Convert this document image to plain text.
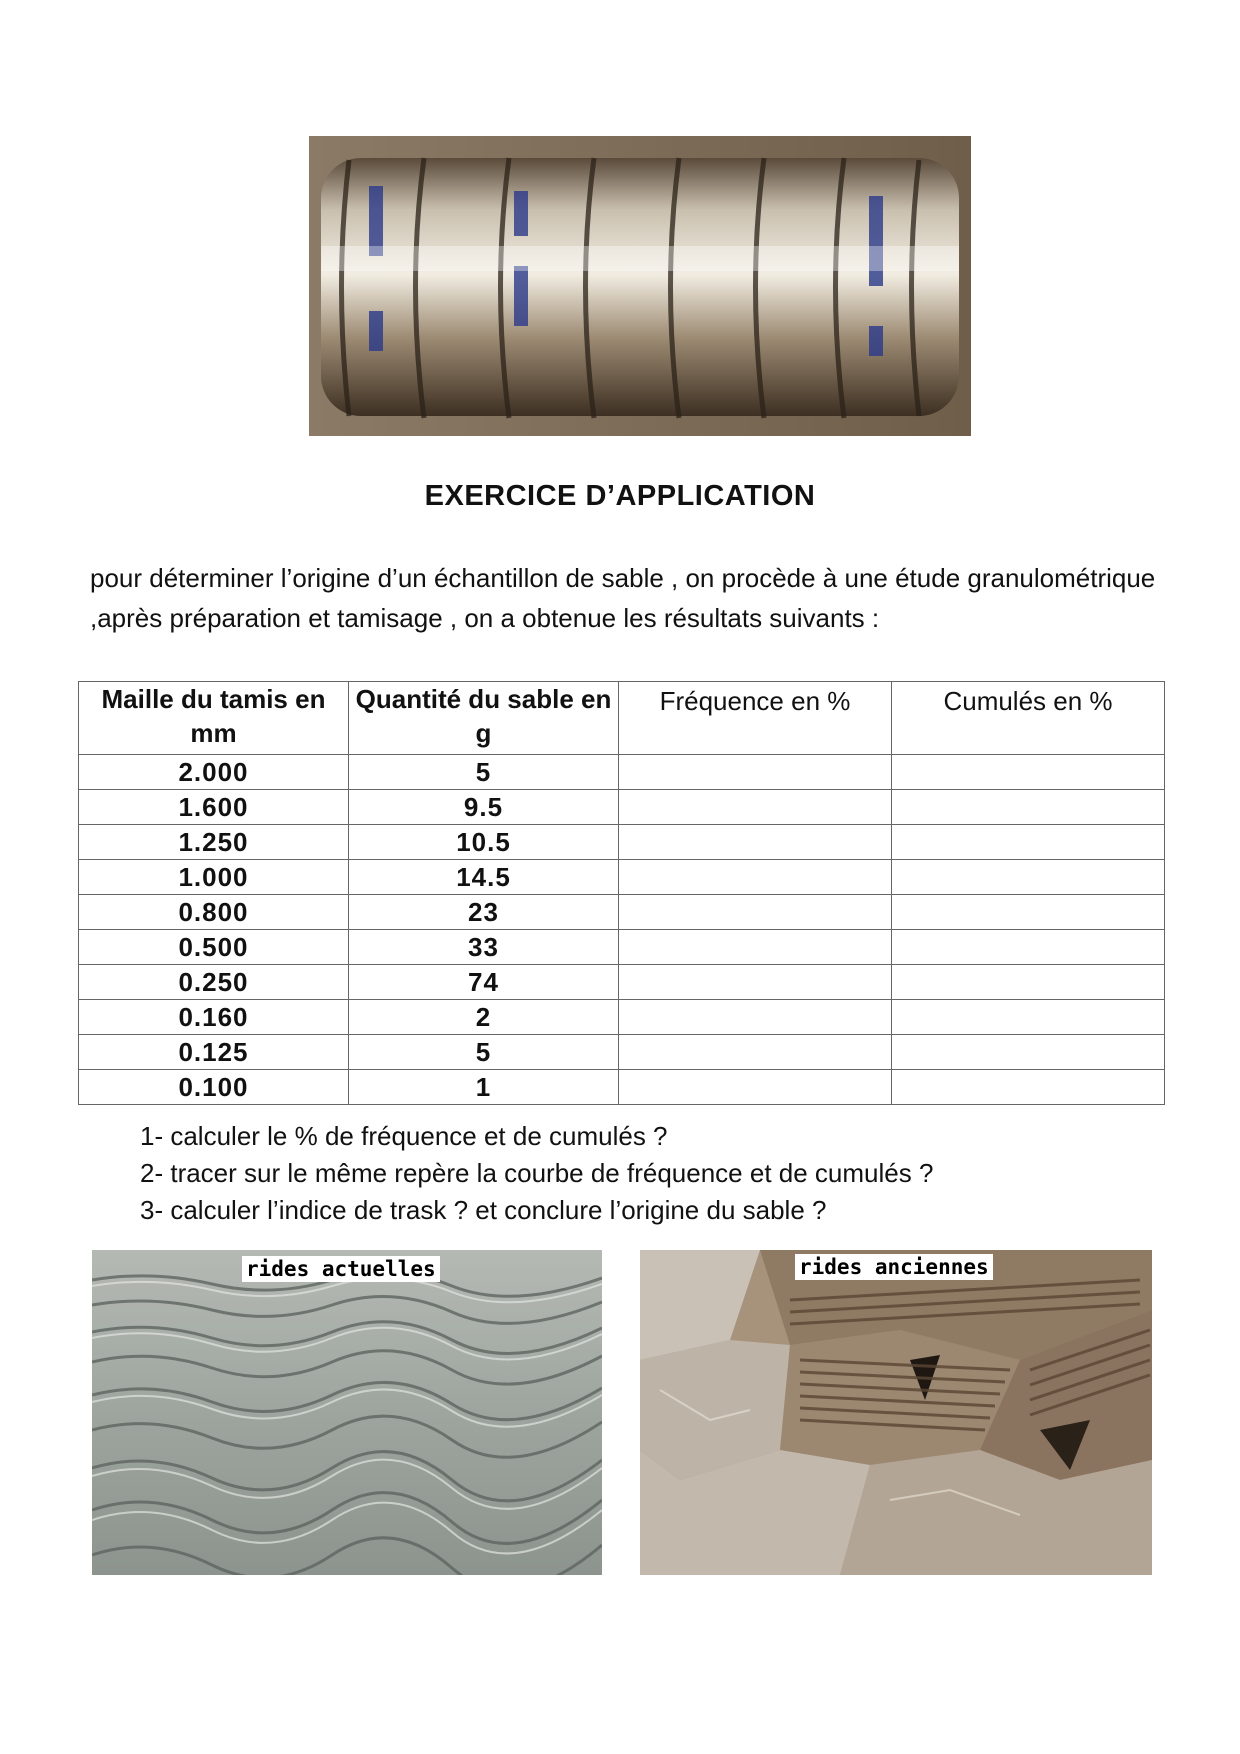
EXERCICE D’APPLICATION

pour déterminer l’origine d’un échantillon de sable , on procède à une étude granulométrique ,après préparation et tamisage , on a obtenue les résultats suivants :

Maille du tamis en mm	Quantité du sable en g	Fréquence en %	Cumulés en %
2.000	5		
1.600	9.5		
1.250	10.5		
1.000	14.5		
0.800	23		
0.500	33		
0.250	74		
0.160	2		
0.125	5		
0.100	1		
1- calculer le % de fréquence et de cumulés ?
2- tracer sur le même repère la courbe de fréquence et de cumulés ?
3- calculer l’indice de trask ? et conclure l’origine du sable ?
rides actuelles	rides anciennes
